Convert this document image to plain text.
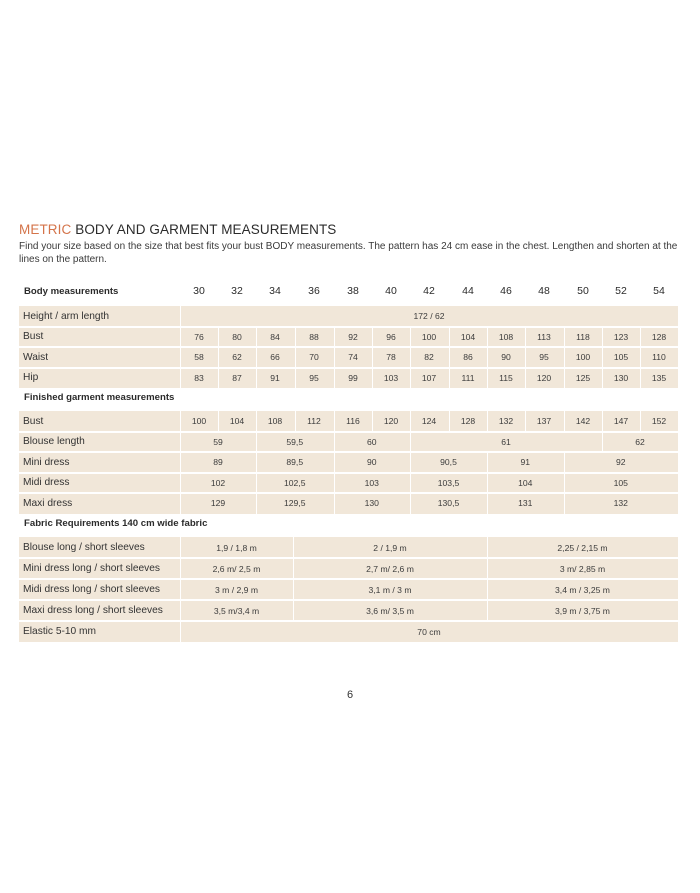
METRIC BODY AND GARMENT MEASUREMENTS
Find your size based on the size that best fits your bust BODY measurements. The pattern has 24 cm ease in the chest. Lengthen and shorten at the lines on the pattern.
Body measurements	30	32	34	36	38	40	42	44	46	48	50	52	54
Height / arm length	172 / 62
Bust	76	80	84	88	92	96	100	104	108	113	118	123	128
Waist	58	62	66	70	74	78	82	86	90	95	100	105	110
Hip	83	87	91	95	99	103	107	111	115	120	125	130	135
Finished garment measurements
Bust	100	104	108	112	116	120	124	128	132	137	142	147	152
Blouse length	59	59,5	60	61	62
Mini dress	89	89,5	90	90,5	91	92
Midi dress	102	102,5	103	103,5	104	105
Maxi dress	129	129,5	130	130,5	131	132
Fabric Requirements 140 cm wide fabric
Blouse long / short sleeves	1,9 / 1,8 m	2 / 1,9 m	2,25 / 2,15 m
Mini dress long / short sleeves	2,6 m/ 2,5 m	2,7 m/ 2,6 m	3 m/ 2,85 m
Midi dress long / short sleeves	3 m / 2,9 m	3,1 m / 3 m	3,4 m / 3,25 m
Maxi dress long / short sleeves	3,5 m/3,4 m	3,6 m/ 3,5 m	3,9 m / 3,75 m
Elastic 5-10 mm	70 cm
6
